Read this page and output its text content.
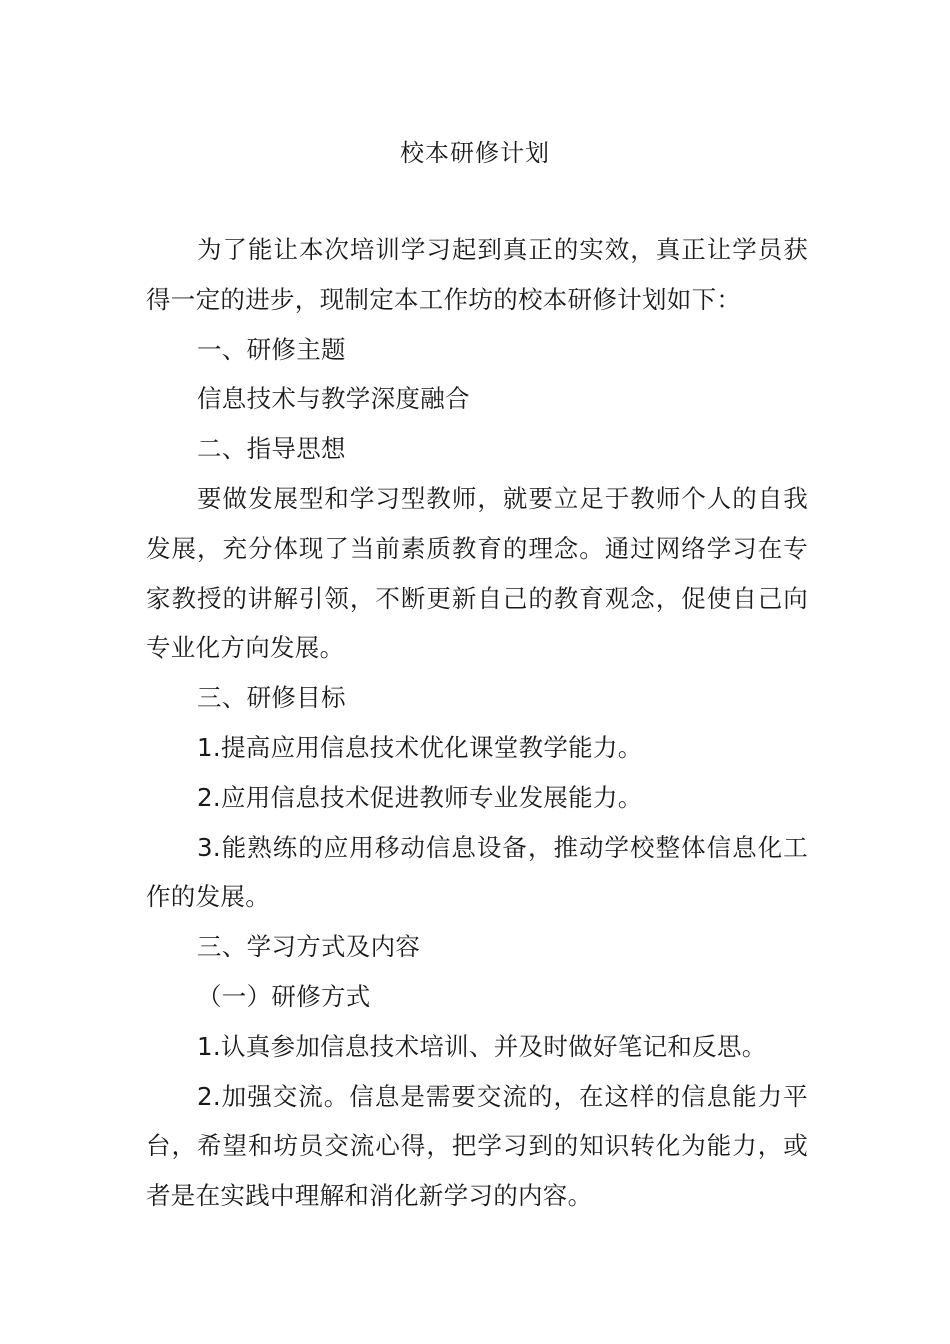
校本研修计划

为了能让本次培训学习起到真正的实效，真正让学员获得一定的进步，现制定本工作坊的校本研修计划如下：

一、研修主题

信息技术与教学深度融合

二、指导思想

要做发展型和学习型教师，就要立足于教师个人的自我发展，充分体现了当前素质教育的理念。通过网络学习在专家教授的讲解引领，不断更新自己的教育观念，促使自己向专业化方向发展。

三、研修目标

1.提高应用信息技术优化课堂教学能力。

2.应用信息技术促进教师专业发展能力。

3.能熟练的应用移动信息设备，推动学校整体信息化工作的发展。

三、学习方式及内容

（一）研修方式

1.认真参加信息技术培训、并及时做好笔记和反思。

2.加强交流。信息是需要交流的，在这样的信息能力平台，希望和坊员交流心得，把学习到的知识转化为能力，或者是在实践中理解和消化新学习的内容。
